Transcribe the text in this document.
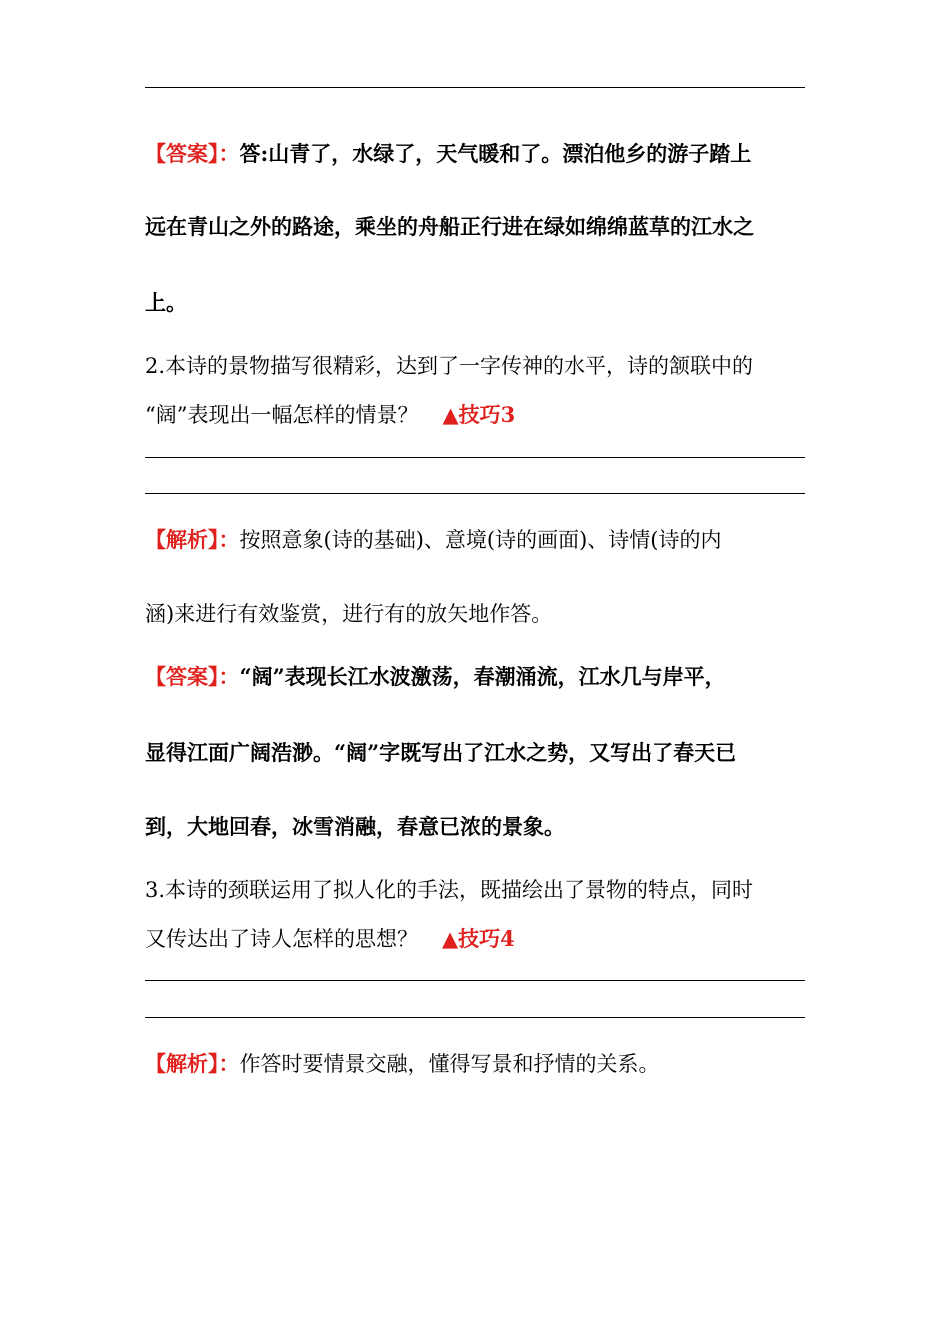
【答案】：答:山青了，水绿了，天气暖和了。漂泊他乡的游子踏上
远在青山之外的路途，乘坐的舟船正行进在绿如绵绵蓝草的江水之
上。
2.本诗的景物描写很精彩，达到了一字传神的水平，诗的颔联中的
“阔”表现出一幅怎样的情景？ ▲技巧3
【解析】：按照意象(诗的基础)、意境(诗的画面)、诗情(诗的内
涵)来进行有效鉴赏，进行有的放矢地作答。
【答案】：“阔”表现长江水波激荡，春潮涌流，江水几与岸平，
显得江面广阔浩渺。“阔”字既写出了江水之势，又写出了春天已
到，大地回春，冰雪消融，春意已浓的景象。
3.本诗的颈联运用了拟人化的手法，既描绘出了景物的特点，同时
又传达出了诗人怎样的思想？ ▲技巧4
【解析】：作答时要情景交融，懂得写景和抒情的关系。
